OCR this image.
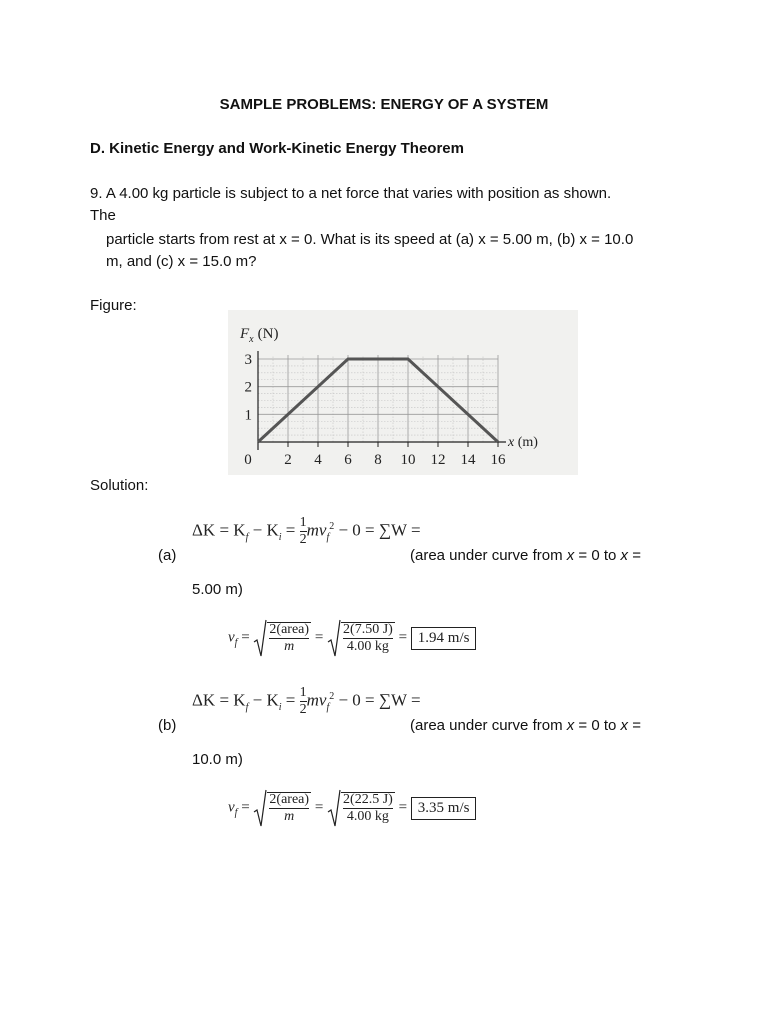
SAMPLE PROBLEMS: ENERGY OF A SYSTEM
D. Kinetic Energy and Work-Kinetic Energy Theorem
9. A 4.00 kg particle is subject to a net force that varies with position as shown.
The
particle starts from rest at x = 0. What is its speed at (a) x = 5.00 m, (b) x = 10.0
m, and (c) x = 15.0 m?
Figure:
$F_x$ (N)
0 2 4 6 8 10 12 14 16
1
2
3
x (m)
Solution:
$\Delta K = K_f - K_i = \frac{1}{2} mv_f^2 - 0 = \sum W$ =
(a)	(area under curve from x = 0 to x =
5.00 m)
$v_f = \frac{\text{2(area)}}{m} = \frac{2(7.50 J)}{4.00 kg} = 1.94$ m/s
$\Delta K = K_f - K_i = \frac{1}{2} mv_f^2 - 0 = \sum W$ =
(b)	(area under curve from x = 0 to x =
10.0 m)
$v_f = \frac{\text{2(area)}}{m} = \frac{2(22.5 J)}{4.00 kg} = 3.35$ m/s
